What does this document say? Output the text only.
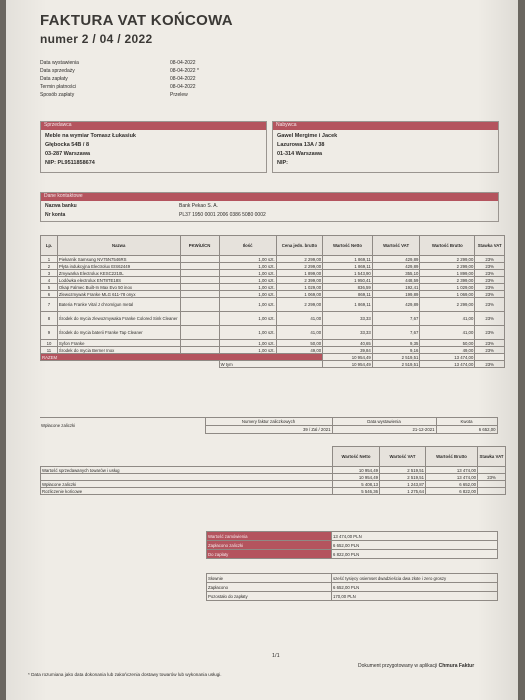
FAKTURA VAT KOŃCOWA
numer 2 / 04 / 2022
Data wystawienia	08-04-2022
Data sprzedaży	08-04-2022 *
Data zapłaty	08-04-2022
Termin płatności	08-04-2022
Sposób zapłaty	Przelew
Sprzedawca
Meble na wymiar Tomasz Łukasiuk
Głębocka 54B / 8
03-287 Warszawa
NIP: PL9511858674
Nabywca
Gawel Mergime i Jacek
Lazurowa 13A / 38
01-314 Warszawa
NIP:
Dane kontaktowe
Nazwa banku	Bank Pekao S. A.
Nr konta	PL37 1950 0001 2006 0386 5080 0002
Lp.	Nazwa	PKWiU/CN	Ilość	Cena jedn. brutto	Wartość Netto	Wartość VAT	Wartość Brutto	Stawka VAT
1	Piekarnik Samsung NV75N7546RS		1,00 szt.	2 299,00	1 869,11	429,89	2 299,00	23%
2	Płyta indukcyjna Electrolux EIS62449		1,00 szt.	2 299,00	1 869,11	429,89	2 299,00	23%
3	Zmywarka Electrolux KESC2210L		1,00 szt.	1 899,00	1 543,90	355,10	1 899,00	23%
4	Lodówka electrolux ENT8TE18S		1,00 szt.	2 399,00	1 950,41	448,59	2 399,00	23%
5	Okap Falmec Built-In Max Evo 50 inox		1,00 szt.	1 029,00	836,59	192,41	1 029,00	23%
6	Zlewozmywak Franke MLG 611-78 onyx		1,00 szt.	1 069,00	869,11	199,89	1 069,00	23%
7	Bateria Franke Vital J chrom/gun metal		1,00 szt.	2 299,00	1 869,11	429,89	2 299,00	23%
8	Środek do mycia zlewozmywaka Franke Colored Sink Cleaner		1,00 szt.	41,00	33,33	7,67	41,00	23%
9	Środek do mycia baterii Franke Tap Cleaner		1,00 szt.	41,00	33,33	7,67	41,00	23%
10	Syfon Franke		1,00 szt.	50,00	40,65	9,35	50,00	23%
11	Środek do mycia Berner Inox		1,00 szt.	49,00	39,84	9,16	49,00	23%
RAZEM					10 954,49	2 519,51	13 474,00	
			W tym		10 954,49	2 519,51	13 474,00	23%
Wpłacone zaliczki	Numery faktur zaliczkowych	Data wystawienia	Kwota
	39 / Zal / 2021	21-12-2021	6 652,00
	Wartość Netto	Wartość VAT	Wartość Brutto	Stawka VAT
Wartość sprzedawanych towarów i usług	10 954,49	2 519,51	13 474,00	
	10 954,49	2 519,51	13 474,00	23%
Wpłacone zaliczki	5 408,13	1 243,87	6 652,00	
Rozliczenie końcowe	5 546,36	1 275,64	6 822,00	
Wartość zamówienia	13 474,00 PLN
Zapłacono zaliczki	6 652,00 PLN
Do zapłaty	6 822,00 PLN
Słownie	sześć tysięcy osiemset dwadzieścia dwa złote i zero groszy
Zapłacono	6 652,00 PLN
Pozostało do zapłaty	170,00 PLN
1/1
* Data rozumiana jako data dokonania lub zakończenia dostawy towarów lub wykonania usługi.
Dokument przygotowany w aplikacji Chmura Faktur
